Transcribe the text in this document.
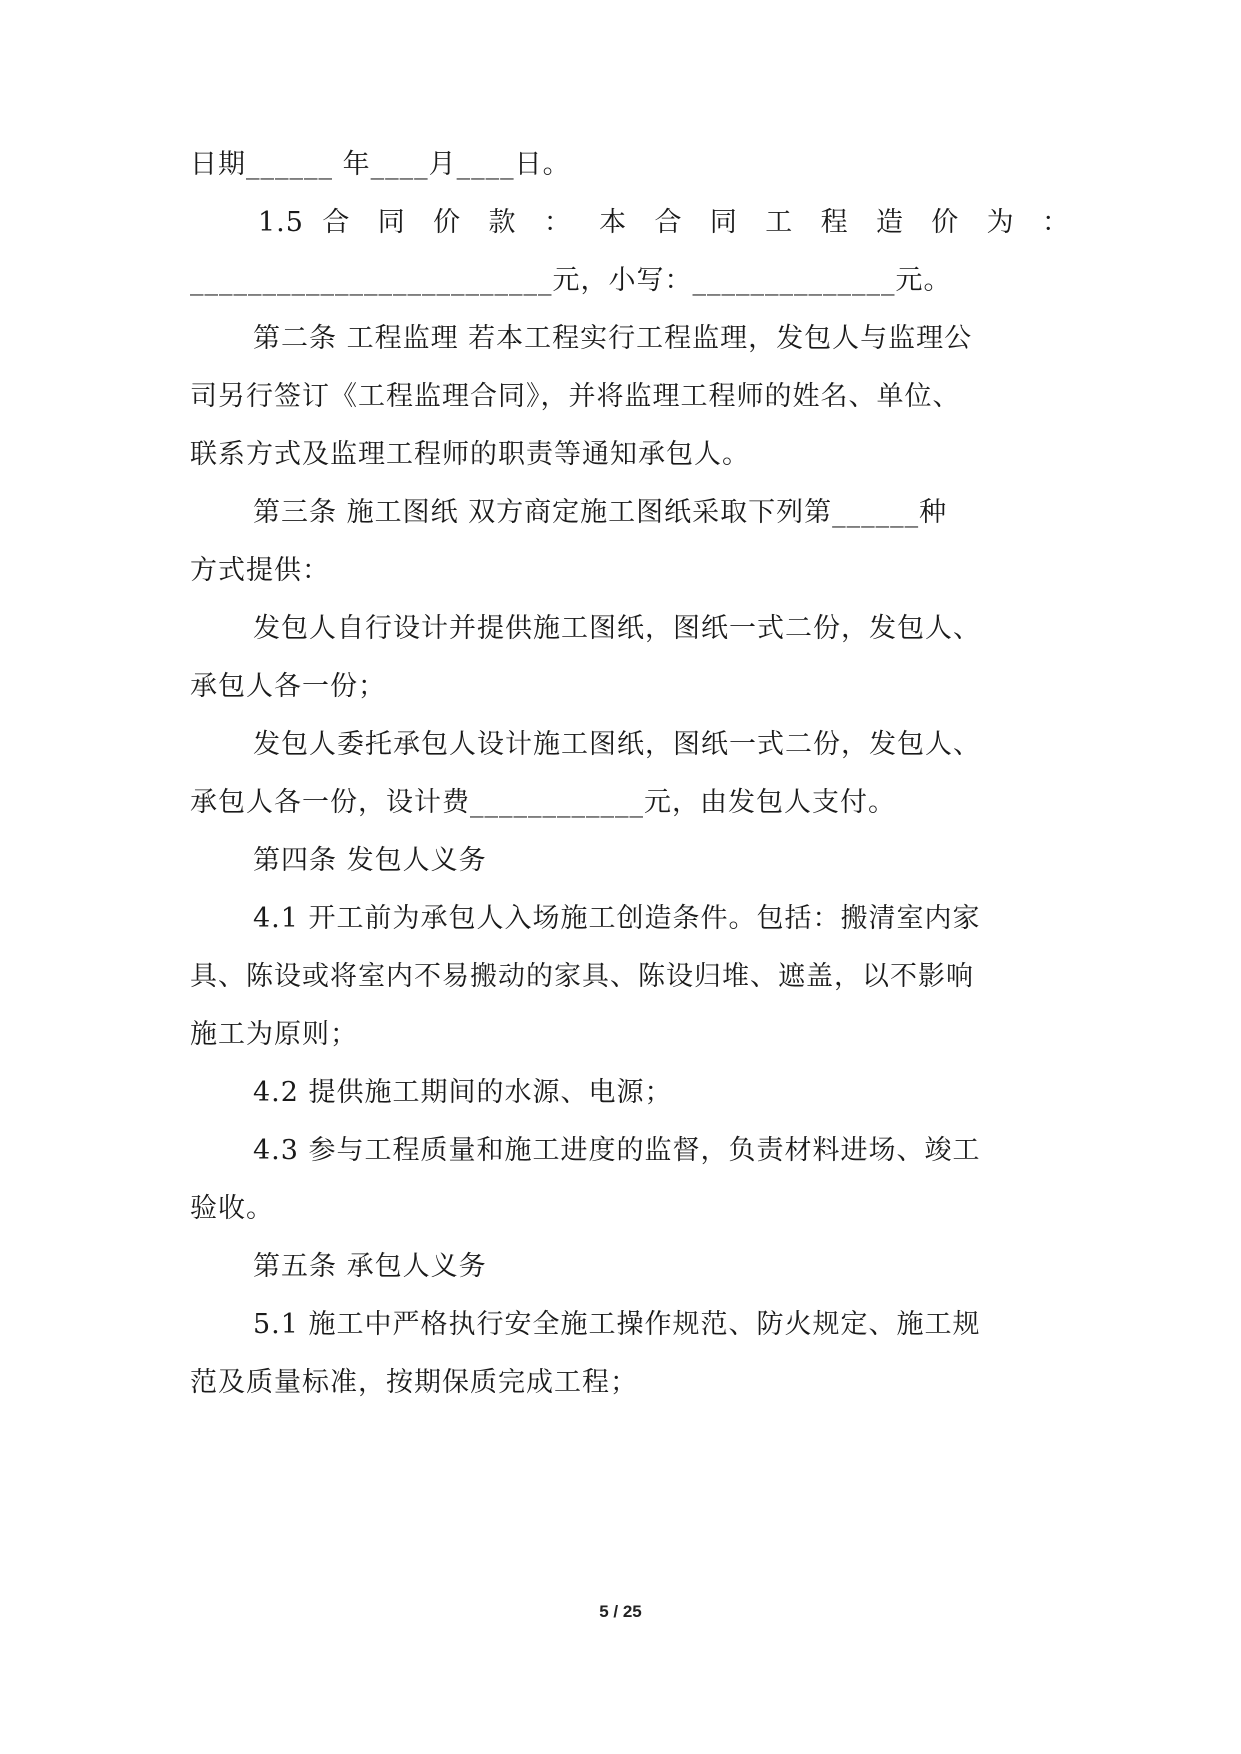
日期______ 年____月____日。
1.5 合 同 价 款 ： 本 合 同 工 程 造 价 为 ：
_________________________元，小写：______________元。
第二条 工程监理 若本工程实行工程监理，发包人与监理公
司另行签订《工程监理合同》，并将监理工程师的姓名、单位、
联系方式及监理工程师的职责等通知承包人。
第三条 施工图纸 双方商定施工图纸采取下列第______种
方式提供：
发包人自行设计并提供施工图纸，图纸一式二份，发包人、
承包人各一份；
发包人委托承包人设计施工图纸，图纸一式二份，发包人、
承包人各一份，设计费____________元，由发包人支付。
第四条 发包人义务
4.1 开工前为承包人入场施工创造条件。包括：搬清室内家
具、陈设或将室内不易搬动的家具、陈设归堆、遮盖，以不影响
施工为原则；
4.2 提供施工期间的水源、电源；
4.3 参与工程质量和施工进度的监督，负责材料进场、竣工
验收。
第五条 承包人义务
5.1 施工中严格执行安全施工操作规范、防火规定、施工规
范及质量标准，按期保质完成工程；
5 / 25
